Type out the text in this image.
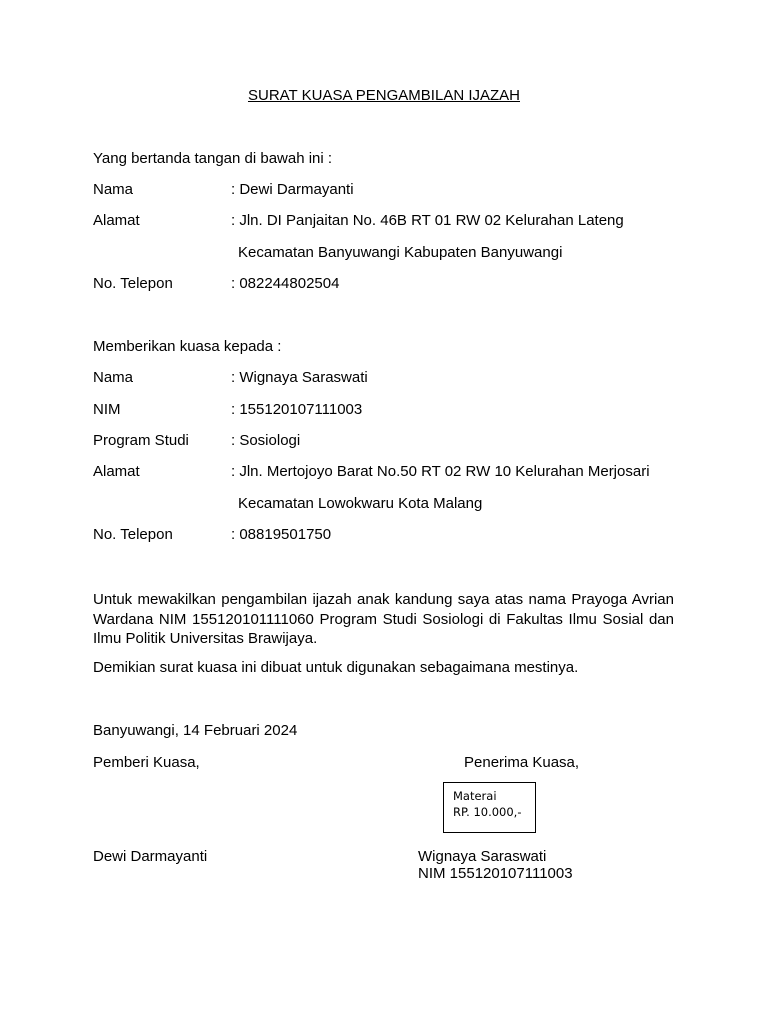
SURAT KUASA PENGAMBILAN IJAZAH
Yang bertanda tangan di bawah ini :
Nama	: Dewi Darmayanti
Alamat	: Jln. DI Panjaitan No. 46B RT 01 RW 02 Kelurahan Lateng
Kecamatan Banyuwangi Kabupaten Banyuwangi
No. Telepon	: 082244802504
Memberikan kuasa kepada :
Nama	: Wignaya Saraswati
NIM	: 155120107111003
Program Studi	: Sosiologi
Alamat	: Jln. Mertojoyo Barat No.50 RT 02 RW 10 Kelurahan Merjosari
Kecamatan Lowokwaru Kota Malang
No. Telepon	: 08819501750
Untuk mewakilkan pengambilan ijazah anak kandung saya atas nama Prayoga Avrian Wardana NIM 155120101111060 Program Studi Sosiologi di Fakultas Ilmu Sosial dan Ilmu Politik Universitas Brawijaya.
Demikian surat kuasa ini dibuat untuk digunakan sebagaimana mestinya.
Banyuwangi, 14 Februari 2024
Pemberi Kuasa,	Penerima Kuasa,
Materai
RP. 10.000,-
Dewi Darmayanti	Wignaya Saraswati
NIM 155120107111003
